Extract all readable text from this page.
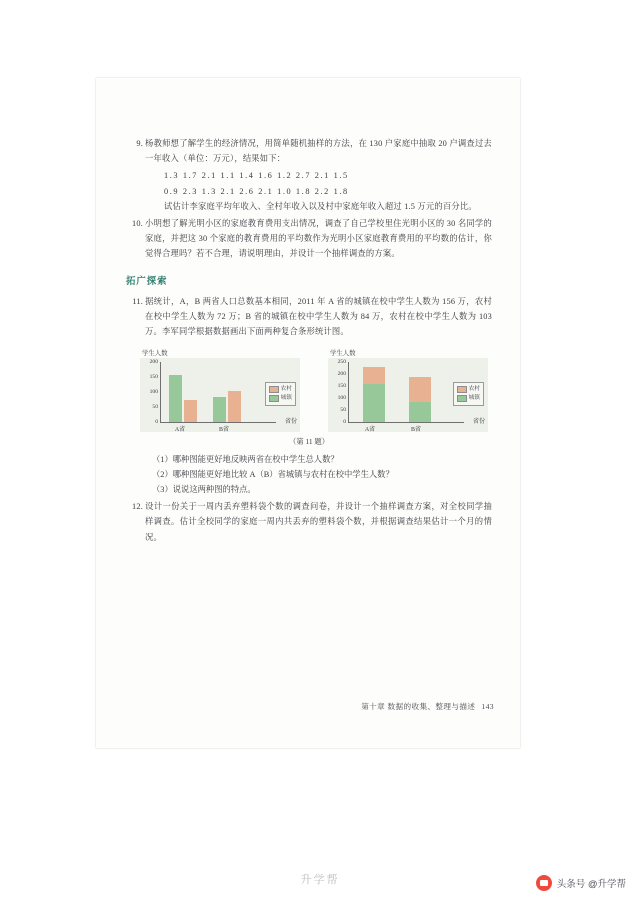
9. 杨教师想了解学生的经济情况，用简单随机抽样的方法，在 130 户家庭中抽取 20 户调查过去一年收入（单位：万元），结果如下：
1.3 1.7 2.1 1.1 1.4 1.6 1.2 2.7 2.1 1.5
0.9 2.3 1.3 2.1 2.6 2.1 1.0 1.8 2.2 1.8
试估计李家庭平均年收入、全村年收入以及村中家庭年收入超过 1.5 万元的百分比。
10. 小明想了解光明小区的家庭教育费用支出情况，调查了自己学校里住光明小区的 30 名同学的家庭，并把这 30 个家庭的教育费用的平均数作为光明小区家庭教育费用的平均数的估计，你觉得合理吗？若不合理，请说明理由，并设计一个抽样调查的方案。
拓广探索
11. 据统计，A，B 两省人口总数基本相同，2011 年 A 省的城镇在校中学生人数为 156 万，农村在校中学生人数为 72 万；B 省的城镇在校中学生人数为 84 万，农村在校中学生人数为 103 万。李军同学根据数据画出下面两种复合条形统计图。
学生人数
200
150
100
50
0
A省	B省
省份
农村
城镇
学生人数
250
200
150
100
50
0
A省	B省
省份
农村
城镇
（第 11 题）
（1）哪种图能更好地反映两省在校中学生总人数？
（2）哪种图能更好地比较 A（B）省城镇与农村在校中学生人数？
（3）说说这两种图的特点。
12. 设计一份关于一周内丢弃塑料袋个数的调查问卷，并设计一个抽样调查方案，对全校同学抽样调查。估计全校同学的家庭一周内共丢弃的塑料袋个数，并根据调查结果估计一个月的情况。
第十章 数据的收集、整理与描述 143
升学帮	头条号 @升学帮
